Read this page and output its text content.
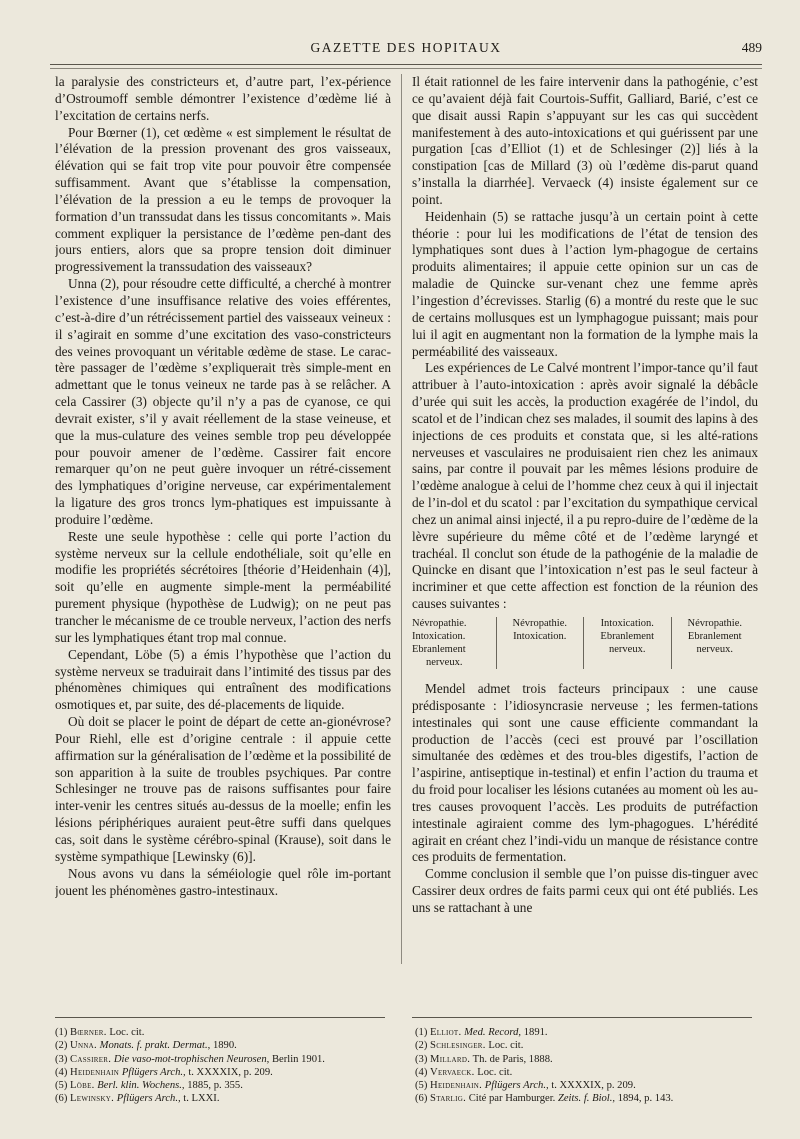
GAZETTE DES HOPITAUX	489

la paralysie des constricteurs et, d’autre part, l’ex-périence d’Ostroumoff semble démontrer l’existence d’œdème lié à l’excitation de certains nerfs.

Pour Bœrner (1), cet œdème « est simplement le résultat de l’élévation de la pression provenant des gros vaisseaux, élévation qui se fait trop vite pour pouvoir être compensée suffisamment. Avant que s’établisse la compensation, l’élévation de la pression a eu le temps de provoquer la formation d’un transsudat dans les tissus concomitants ». Mais comment expliquer la persistance de l’œdème pen-dant des jours entiers, alors que sa propre tension doit diminuer progressivement la transsudation des vaisseaux?

Unna (2), pour résoudre cette difficulté, a cherché à montrer l’existence d’une insuffisance relative des voies efférentes, c’est-à-dire d’un rétrécissement partiel des vaisseaux veineux : il s’agirait en somme d’une excitation des vaso-constricteurs des veines provoquant un véritable œdème de stase. Le carac-tère passager de l’œdème s’expliquerait très simple-ment en admettant que le tonus veineux ne tarde pas à se relâcher. A cela Cassirer (3) objecte qu’il n’y a pas de cyanose, ce qui devrait exister, s’il y avait réellement de la stase veineuse, et que la mus-culature des veines semble trop peu développée pour pouvoir amener de l’œdème. Cassirer fait encore remarquer qu’on ne peut guère invoquer un rétré-cissement des lymphatiques d’origine nerveuse, car expérimentalement la ligature des gros troncs lym-phatiques est impuissante à produire l’œdème.

Reste une seule hypothèse : celle qui porte l’action du système nerveux sur la cellule endothéliale, soit qu’elle en modifie les propriétés sécrétoires [théorie d’Heidenhain (4)], soit qu’elle en augmente simple-ment la perméabilité purement physique (hypothèse de Ludwig); on ne peut pas trancher le mécanisme de ce trouble nerveux, l’action des nerfs sur les lymphatiques étant trop mal connue.

Cependant, Löbe (5) a émis l’hypothèse que l’action du système nerveux se traduirait dans l’intimité des tissus par des phénomènes chimiques qui entraînent des modifications osmotiques et, par suite, des dé-placements de liquide.

Où doit se placer le point de départ de cette an-gionévrose? Pour Riehl, elle est d’origine centrale : il appuie cette affirmation sur la généralisation de l’œdème et la possibilité de son apparition à la suite de troubles psychiques. Par contre Schlesinger ne trouve pas de raisons suffisantes pour faire inter-venir les centres situés au-dessus de la moelle; enfin les lésions périphériques auraient peut-être suffi dans quelques cas, soit dans le système cérébro-spinal (Krause), soit dans le système sympathique [Lewinsky (6)].

Nous avons vu dans la séméiologie quel rôle im-portant jouent les phénomènes gastro-intestinaux.

Il était rationnel de les faire intervenir dans la pathogénie, c’est ce qu’avaient déjà fait Courtois-Suffit, Galliard, Barié, c’est ce que disait aussi Rapin s’appuyant sur les cas qui succèdent manifestement à des auto-intoxications et qui guérissent par une purgation [cas d’Elliot (1) et de Schlesinger (2)] liés à la constipation [cas de Millard (3) où l’œdème dis-parut quand s’installa la diarrhée]. Vervaeck (4) insiste également sur ce point.

Heidenhain (5) se rattache jusqu’à un certain point à cette théorie : pour lui les modifications de l’état de tension des lymphatiques sont dues à l’action lym-phagogue de certains produits alimentaires; il appuie cette opinion sur un cas de maladie de Quincke sur-venant chez une femme après l’ingestion d’écrevisses. Starlig (6) a montré du reste que le suc de certains mollusques est un lymphagogue puissant; mais pour lui il agit en augmentant non la formation de la lymphe mais la perméabilité des vaisseaux.

Les expériences de Le Calvé montrent l’impor-tance qu’il faut attribuer à l’auto-intoxication : après avoir signalé la débâcle d’urée qui suit les accès, la production exagérée de l’indol, du scatol et de l’indican chez ses malades, il soumit des lapins à des injections de ces produits et constata que, si les alté-rations nerveuses et vasculaires ne produisaient rien chez les animaux sains, par contre il pouvait par les mêmes lésions produire de l’œdème analogue à celui de l’homme chez ceux à qui il injectait de l’in-dol et du scatol : par l’excitation du sympathique cervical chez un animal ainsi injecté, il a pu repro-duire de l’œdème de la lèvre supérieure du même côté et de l’œdème laryngé et trachéal. Il conclut son étude de la pathogénie de la maladie de Quincke en disant que l’intoxication n’est pas le seul facteur à incriminer et que cette affection est fonction de la réunion des causes suivantes :

Névropathie.
Intoxication.
Ebranlement
nerveux.
Névropathie.
Intoxication.
Intoxication.
Ebranlement
nerveux.
Névropathie.
Ebranlement
nerveux.

Mendel admet trois facteurs principaux : une cause prédisposante : l’idiosyncrasie nerveuse ; les fermen-tations intestinales qui sont une cause efficiente commandant la production de l’accès (ceci est prouvé par l’oscillation simultanée des œdèmes et des trou-bles digestifs, l’action de l’aspirine, antiseptique in-testinal) et enfin l’action du trauma et du froid pour localiser les lésions cutanées au moment où les au-tres causes provoquent l’accès. Les produits de putréfaction intestinale agiraient comme des lym-phagogues. L’hérédité agirait en créant chez l’indi-vidu un manque de résistance contre ces produits de fermentation.

Comme conclusion il semble que l’on puisse dis-tinguer avec Cassirer deux ordres de faits parmi ceux qui ont été publiés. Les uns se rattachant à une

(1) Bœrner. Loc. cit.
(2) Unna. Monats. f. prakt. Dermat., 1890.
(3) Cassirer. Die vaso-mot-trophischen Neurosen, Berlin 1901.
(4) Heidenhain Pflügers Arch., t. XXXXIX, p. 209.
(5) Löbe. Berl. klin. Wochens., 1885, p. 355.
(6) Lewinsky. Pflügers Arch., t. LXXI.
(1) Elliot. Med. Record, 1891.
(2) Schlesinger. Loc. cit.
(3) Millard. Th. de Paris, 1888.
(4) Vervaeck. Loc. cit.
(5) Heidenhain. Pflügers Arch., t. XXXXIX, p. 209.
(6) Starlig. Cité par Hamburger. Zeits. f. Biol., 1894, p. 143.
